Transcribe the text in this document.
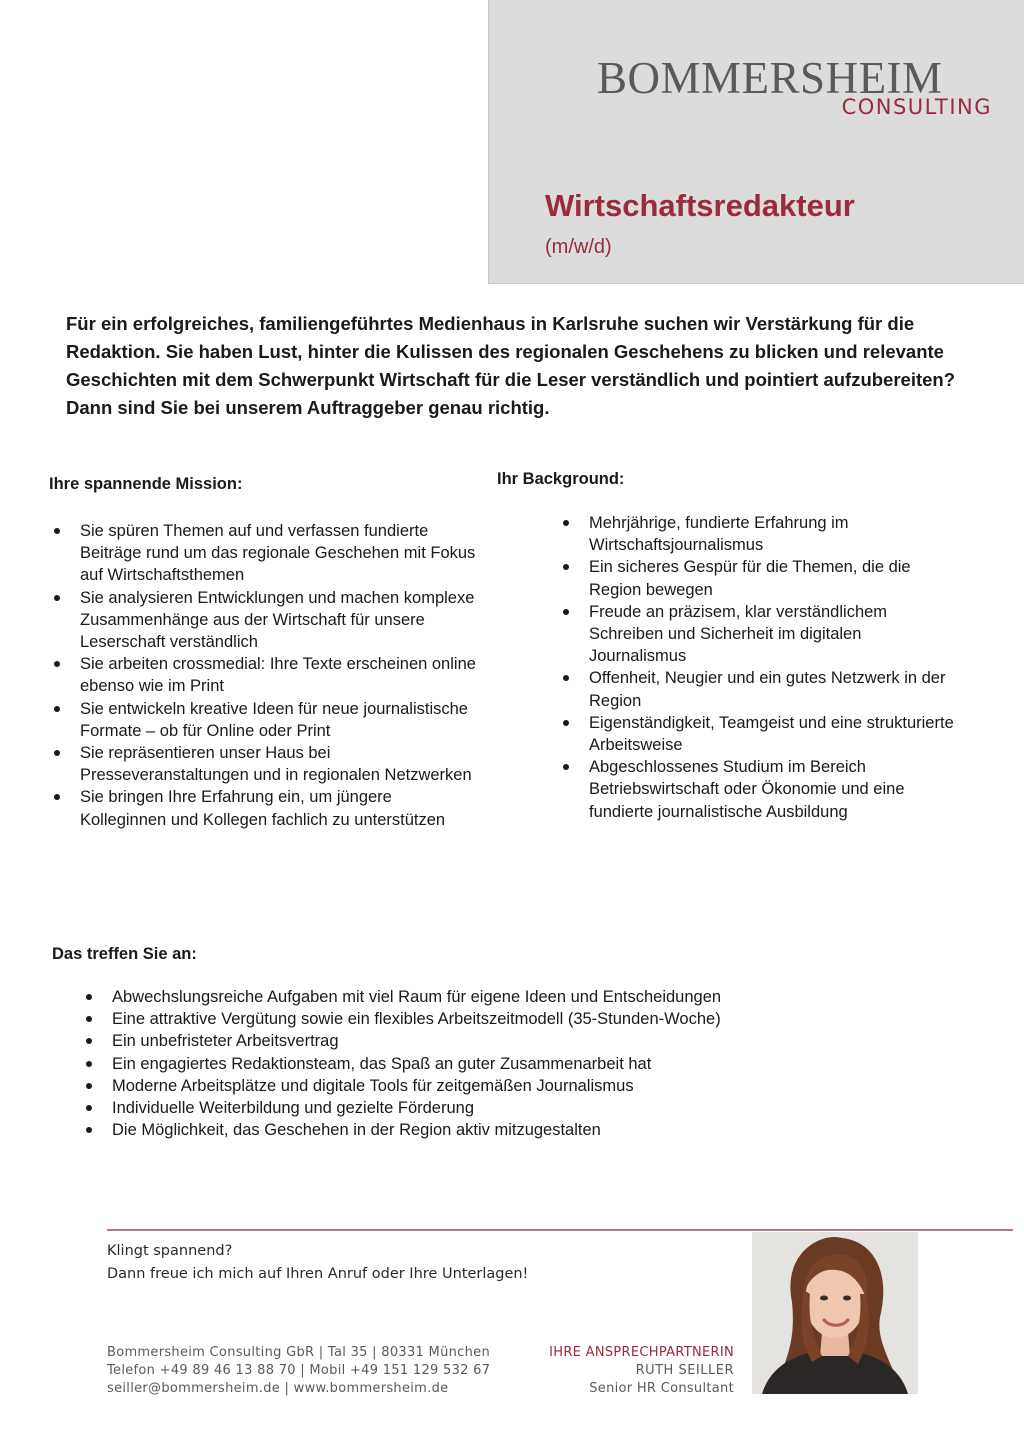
BOMMERSHEIM
CONSULTING
Wirtschaftsredakteur
(m/w/d)

Für ein erfolgreiches, familiengeführtes Medienhaus in Karlsruhe suchen wir Verstärkung für die Redaktion. Sie haben Lust, hinter die Kulissen des regionalen Geschehens zu blicken und relevante Geschichten mit dem Schwerpunkt Wirtschaft für die Leser verständlich und pointiert aufzubereiten? Dann sind Sie bei unserem Auftraggeber genau richtig.

Ihre spannende Mission:
Sie spüren Themen auf und verfassen fundierte Beiträge rund um das regionale Geschehen mit Fokus auf Wirtschaftsthemen
Sie analysieren Entwicklungen und machen komplexe Zusammenhänge aus der Wirtschaft für unsere Leserschaft verständlich
Sie arbeiten crossmedial: Ihre Texte erscheinen online ebenso wie im Print
Sie entwickeln kreative Ideen für neue journalistische Formate – ob für Online oder Print
Sie repräsentieren unser Haus bei Presseveranstaltungen und in regionalen Netzwerken
Sie bringen Ihre Erfahrung ein, um jüngere Kolleginnen und Kollegen fachlich zu unterstützen
Ihr Background:
Mehrjährige, fundierte Erfahrung im Wirtschaftsjournalismus
Ein sicheres Gespür für die Themen, die die Region bewegen
Freude an präzisem, klar verständlichem Schreiben und Sicherheit im digitalen Journalismus
Offenheit, Neugier und ein gutes Netzwerk in der Region
Eigenständigkeit, Teamgeist und eine strukturierte Arbeitsweise
Abgeschlossenes Studium im Bereich Betriebswirtschaft oder Ökonomie und eine fundierte journalistische Ausbildung
Das treffen Sie an:
Abwechslungsreiche Aufgaben mit viel Raum für eigene Ideen und Entscheidungen
Eine attraktive Vergütung sowie ein flexibles Arbeitszeitmodell (35-Stunden-Woche)
Ein unbefristeter Arbeitsvertrag
Ein engagiertes Redaktionsteam, das Spaß an guter Zusammenarbeit hat
Moderne Arbeitsplätze und digitale Tools für zeitgemäßen Journalismus
Individuelle Weiterbildung und gezielte Förderung
Die Möglichkeit, das Geschehen in der Region aktiv mitzugestalten
Klingt spannend?
Dann freue ich mich auf Ihren Anruf oder Ihre Unterlagen!
Bommersheim Consulting GbR | Tal 35 | 80331 München
Telefon +49 89 46 13 88 70 | Mobil +49 151 129 532 67
seiller@bommersheim.de | www.bommersheim.de
IHRE ANSPRECHPARTNERIN
RUTH SEILLER
Senior HR Consultant
